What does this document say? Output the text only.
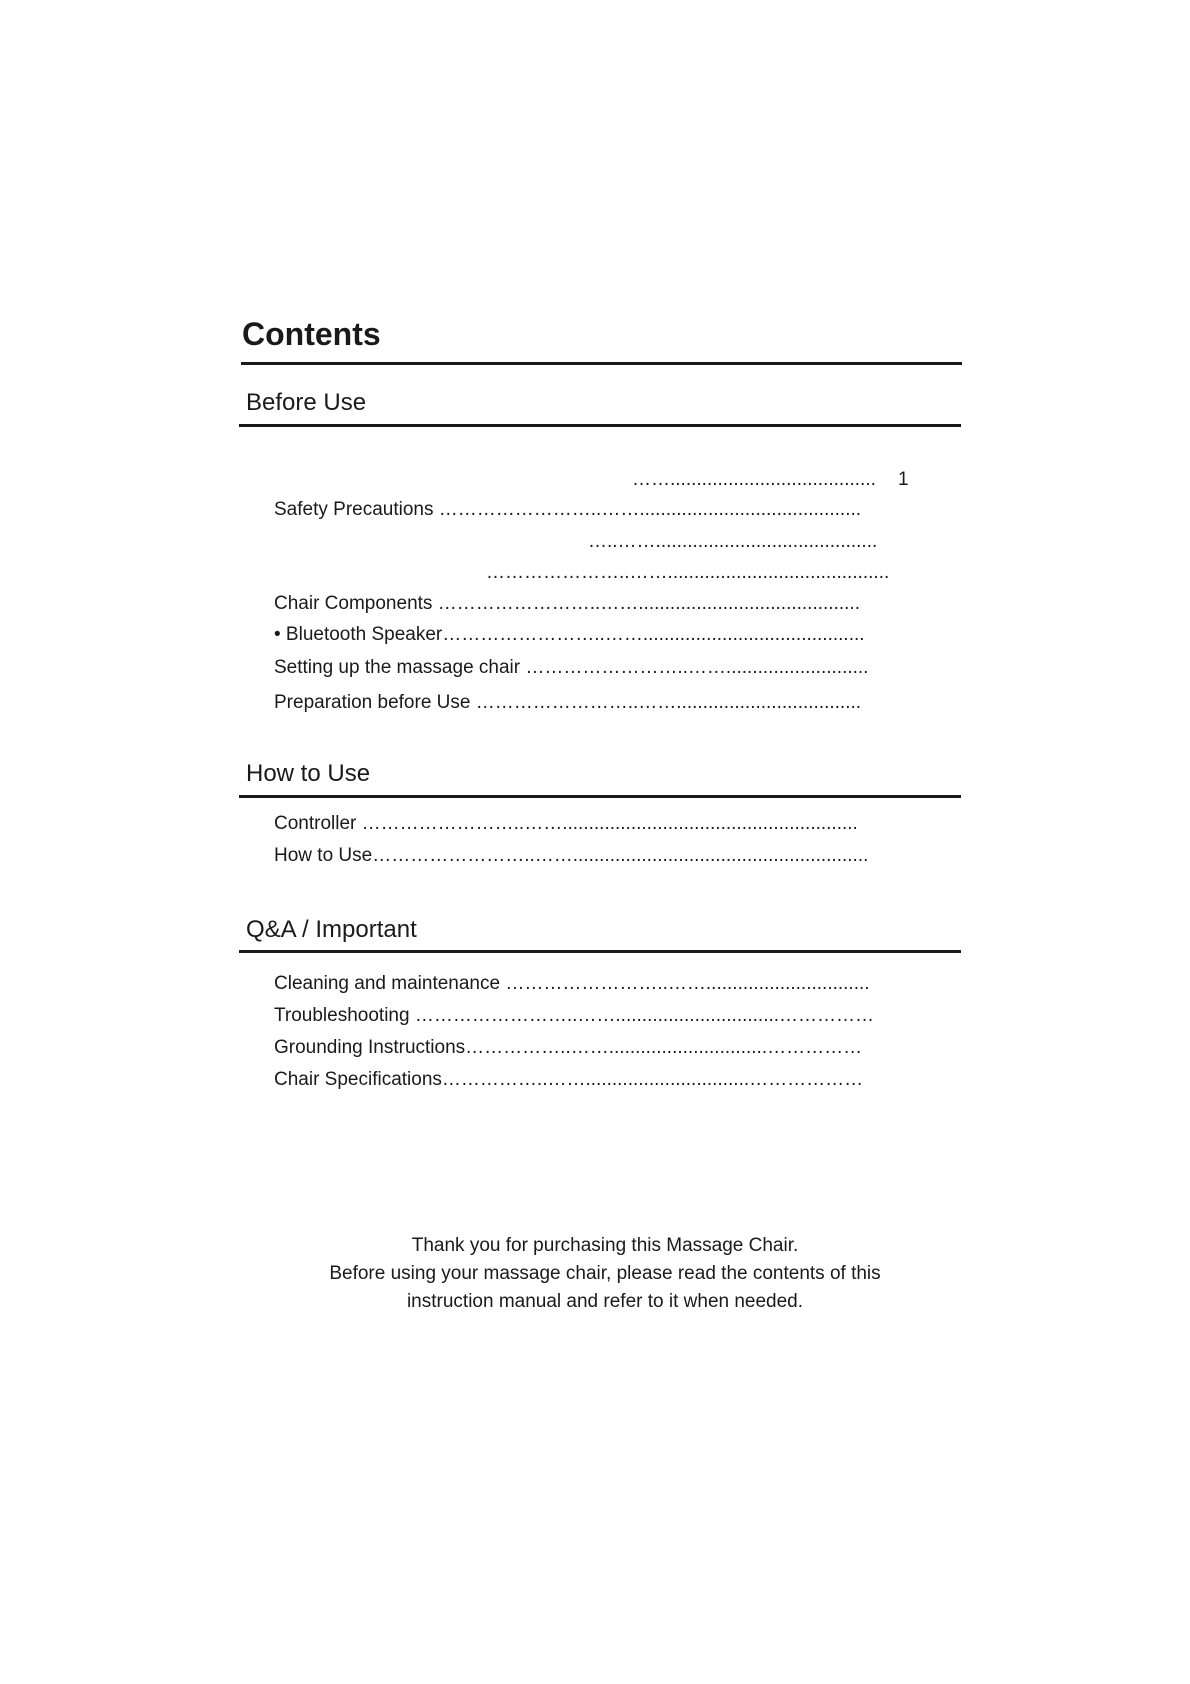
Contents
Before Use
……....................................... 1
Safety Precautions ……………………..……..........................................
…..……..........................................
…………………..……..........................................
Chair Components ……………………..……..........................................
• Bluetooth Speaker……………………..……..........................................
Setting up the massage chair ……………………..……...........................
Preparation before Use ……………………..……...................................
How to Use
Controller ……………………..……........................................................
How to Use……………………..……........................................................
Q&A / Important
Cleaning and maintenance ……………………..……...............................
Troubleshooting ……………………..……...............................……………
Grounding Instructions……………..……..............................……………
Chair Specifications……………..……...............................………………
Thank you for purchasing this Massage Chair.
Before using your massage chair, please read the contents of this
instruction manual and refer to it when needed.
